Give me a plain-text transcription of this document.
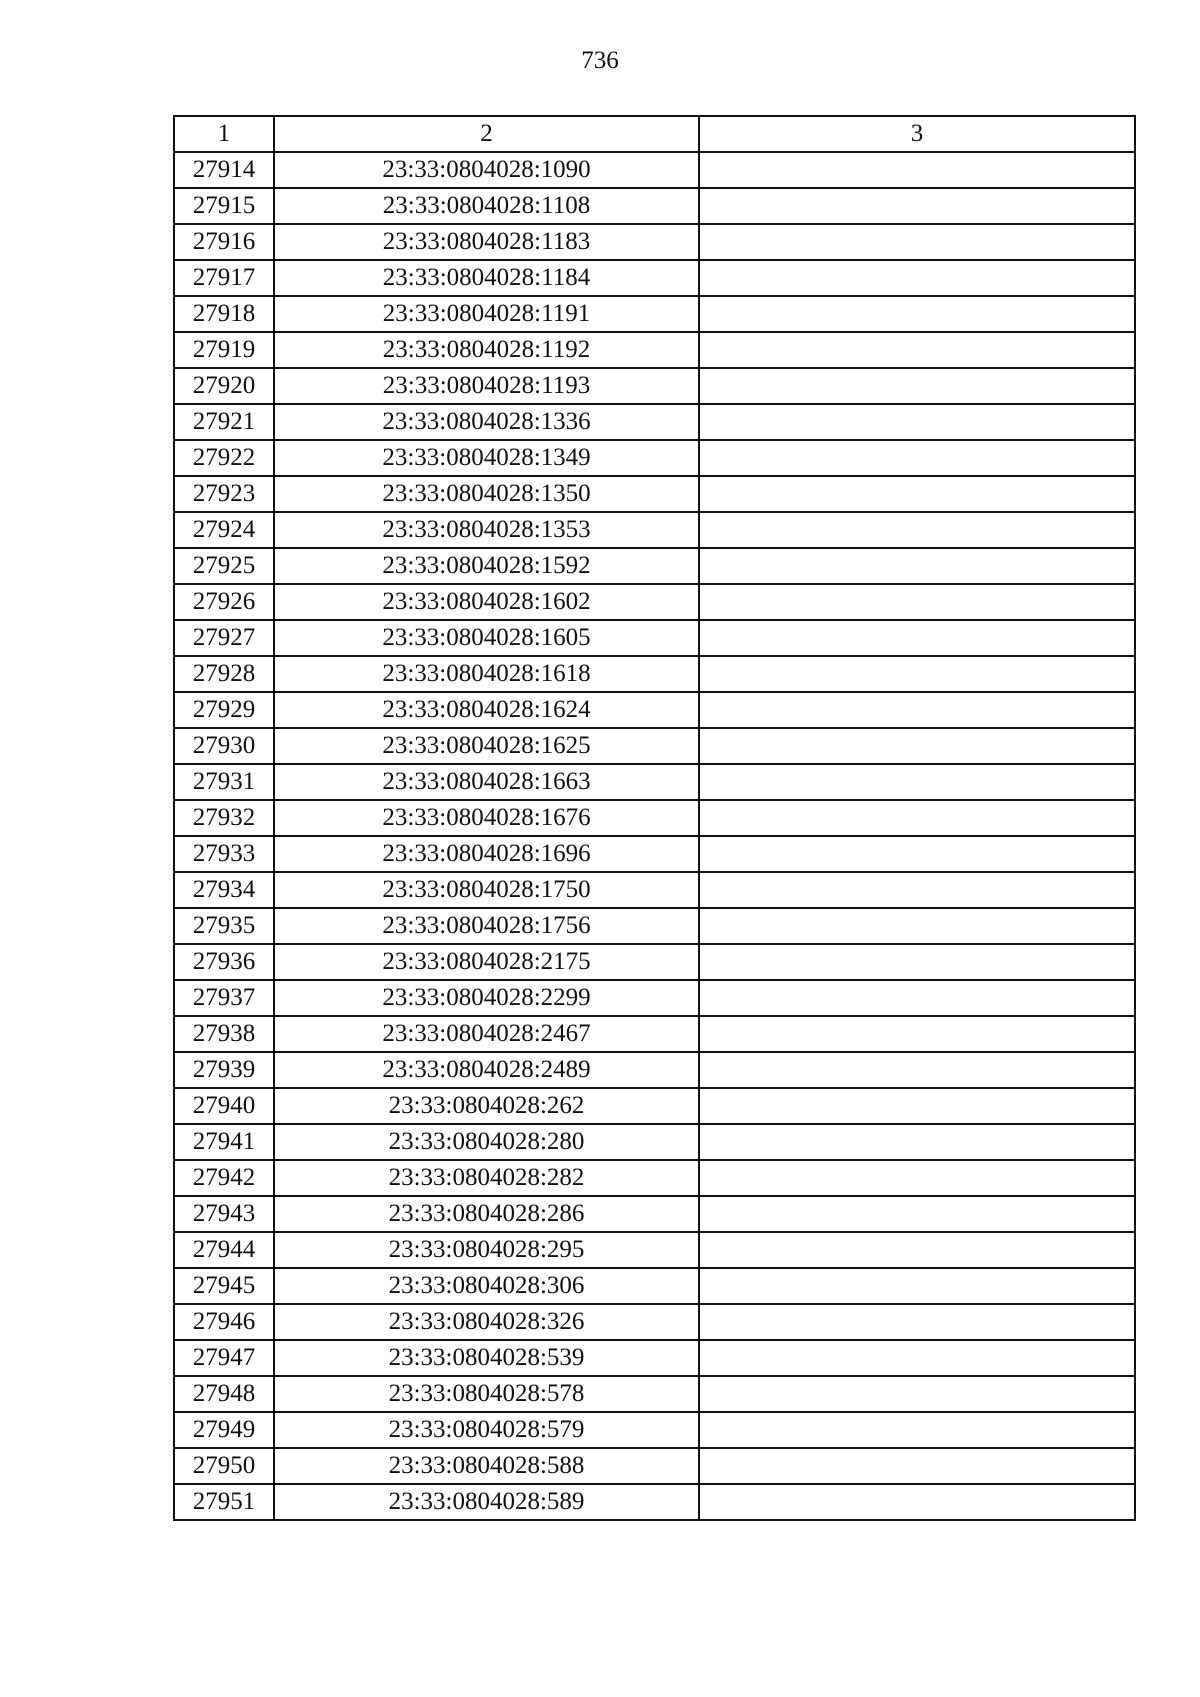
736
1	2	3
27914	23:33:0804028:1090	
27915	23:33:0804028:1108	
27916	23:33:0804028:1183	
27917	23:33:0804028:1184	
27918	23:33:0804028:1191	
27919	23:33:0804028:1192	
27920	23:33:0804028:1193	
27921	23:33:0804028:1336	
27922	23:33:0804028:1349	
27923	23:33:0804028:1350	
27924	23:33:0804028:1353	
27925	23:33:0804028:1592	
27926	23:33:0804028:1602	
27927	23:33:0804028:1605	
27928	23:33:0804028:1618	
27929	23:33:0804028:1624	
27930	23:33:0804028:1625	
27931	23:33:0804028:1663	
27932	23:33:0804028:1676	
27933	23:33:0804028:1696	
27934	23:33:0804028:1750	
27935	23:33:0804028:1756	
27936	23:33:0804028:2175	
27937	23:33:0804028:2299	
27938	23:33:0804028:2467	
27939	23:33:0804028:2489	
27940	23:33:0804028:262	
27941	23:33:0804028:280	
27942	23:33:0804028:282	
27943	23:33:0804028:286	
27944	23:33:0804028:295	
27945	23:33:0804028:306	
27946	23:33:0804028:326	
27947	23:33:0804028:539	
27948	23:33:0804028:578	
27949	23:33:0804028:579	
27950	23:33:0804028:588	
27951	23:33:0804028:589	
